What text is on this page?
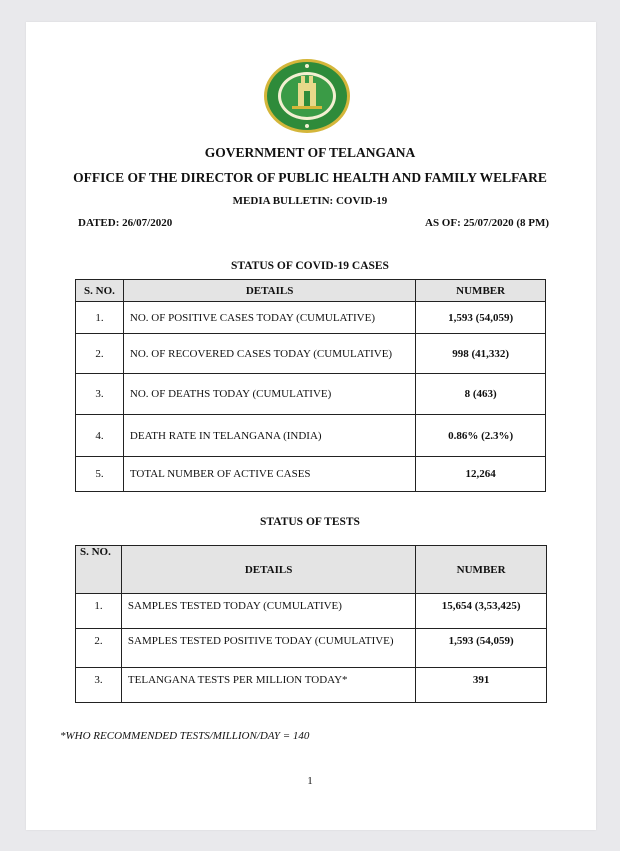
GOVERNMENT OF TELANGANA
OFFICE OF THE DIRECTOR OF PUBLIC HEALTH AND FAMILY WELFARE
MEDIA BULLETIN: COVID-19
DATED: 26/07/2020	AS OF: 25/07/2020 (8 PM)
STATUS OF COVID-19 CASES
S. NO.	DETAILS	NUMBER
1.	NO. OF POSITIVE CASES TODAY (CUMULATIVE)	1,593 (54,059)
2.	NO. OF RECOVERED CASES TODAY (CUMULATIVE)	998 (41,332)
3.	NO. OF DEATHS TODAY (CUMULATIVE)	8 (463)
4.	DEATH RATE IN TELANGANA (INDIA)	0.86% (2.3%)
5.	TOTAL NUMBER OF ACTIVE CASES	12,264
STATUS OF TESTS
S. NO.	DETAILS	NUMBER
1.	SAMPLES TESTED TODAY (CUMULATIVE)	15,654 (3,53,425)
2.	SAMPLES TESTED POSITIVE TODAY (CUMULATIVE)	1,593 (54,059)
3.	TELANGANA TESTS PER MILLION TODAY*	391
*WHO RECOMMENDED TESTS/MILLION/DAY = 140
1
